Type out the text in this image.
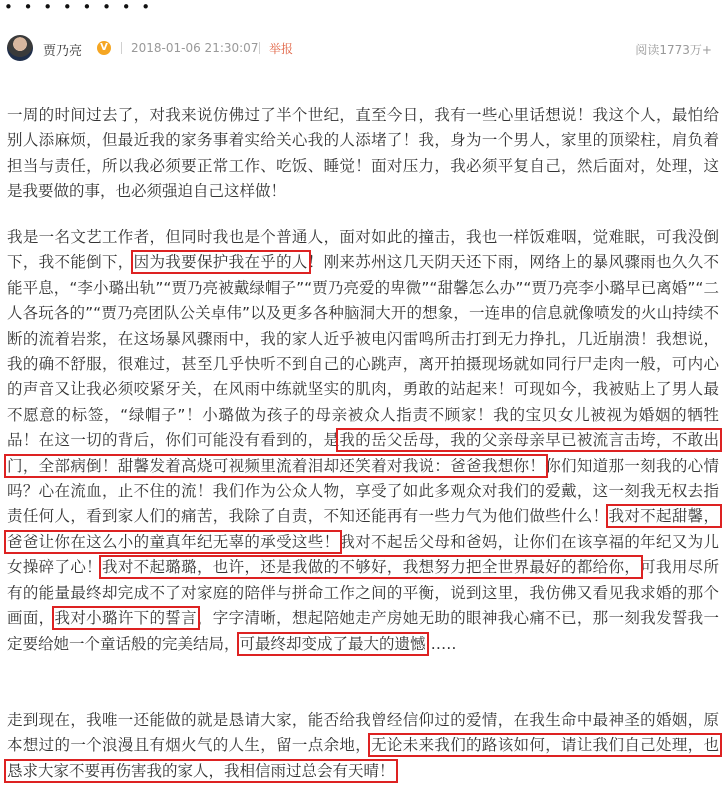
• • • • • • • •
贾乃亮	V 2018-01-06 21:30:07 举报	阅读1773万+

一周的时间过去了，对我来说仿佛过了半个世纪，直至今日，我有一些心里话想说！我这个人，最怕给别人添麻烦，但最近我的家务事着实给关心我的人添堵了！我，身为一个男人，家里的顶梁柱，肩负着担当与责任，所以我必须要正常工作、吃饭、睡觉！面对压力，我必须平复自己，然后面对，处理，这是我要做的事，也必须强迫自己这样做！

我是一名文艺工作者，但同时我也是个普通人，面对如此的撞击，我也一样饭难咽，觉难眠，可我没倒下，我不能倒下，因为我要保护我在乎的人！刚来苏州这几天阴天还下雨，网络上的暴风骤雨也久久不能平息，“李小璐出轨”“贾乃亮被戴绿帽子”“贾乃亮爱的卑微”“甜馨怎么办”“贾乃亮李小璐早已离婚”“二人各玩各的”“贾乃亮团队公关卓伟”以及更多各种脑洞大开的想象，一连串的信息就像喷发的火山持续不断的流着岩浆，在这场暴风骤雨中，我的家人近乎被电闪雷鸣所击打到无力挣扎，几近崩溃！我想说，我的确不舒服，很难过，甚至几乎快听不到自己的心跳声，离开拍摄现场就如同行尸走肉一般，可内心的声音又让我必须咬紧牙关，在风雨中练就坚实的肌肉，勇敢的站起来！可现如今，我被贴上了男人最不愿意的标签，“绿帽子”！小璐做为孩子的母亲被众人指责不顾家！我的宝贝女儿被视为婚姻的牺牲品！在这一切的背后，你们可能没有看到的，是我的岳父岳母，我的父亲母亲早已被流言击垮，不敢出门，全部病倒！甜馨发着高烧可视频里流着泪却还笑着对我说：爸爸我想你！你们知道那一刻我的心情吗？心在流血，止不住的流！我们作为公众人物，享受了如此多观众对我们的爱戴，这一刻我无权去指责任何人，看到家人们的痛苦，我除了自责，不知还能再有一些力气为他们做些什么！我对不起甜馨，爸爸让你在这么小的童真年纪无辜的承受这些！我对不起岳父母和爸妈，让你们在该享福的年纪又为儿女操碎了心！我对不起璐璐，也许，还是我做的不够好，我想努力把全世界最好的都给你，可我用尽所有的能量最终却完成不了对家庭的陪伴与拼命工作之间的平衡，说到这里，我仿佛又看见我求婚的那个画面，我对小璐许下的誓言，字字清晰，想起陪她走产房她无助的眼神我心痛不已，那一刻我发誓我一定要给她一个童话般的完美结局，可最终却变成了最大的遗憾……

走到现在，我唯一还能做的就是恳请大家，能否给我曾经信仰过的爱情，在我生命中最神圣的婚姻，原本想过的一个浪漫且有烟火气的人生，留一点余地，无论未来我们的路该如何，请让我们自己处理，也恳求大家不要再伤害我的家人，我相信雨过总会有天晴！
